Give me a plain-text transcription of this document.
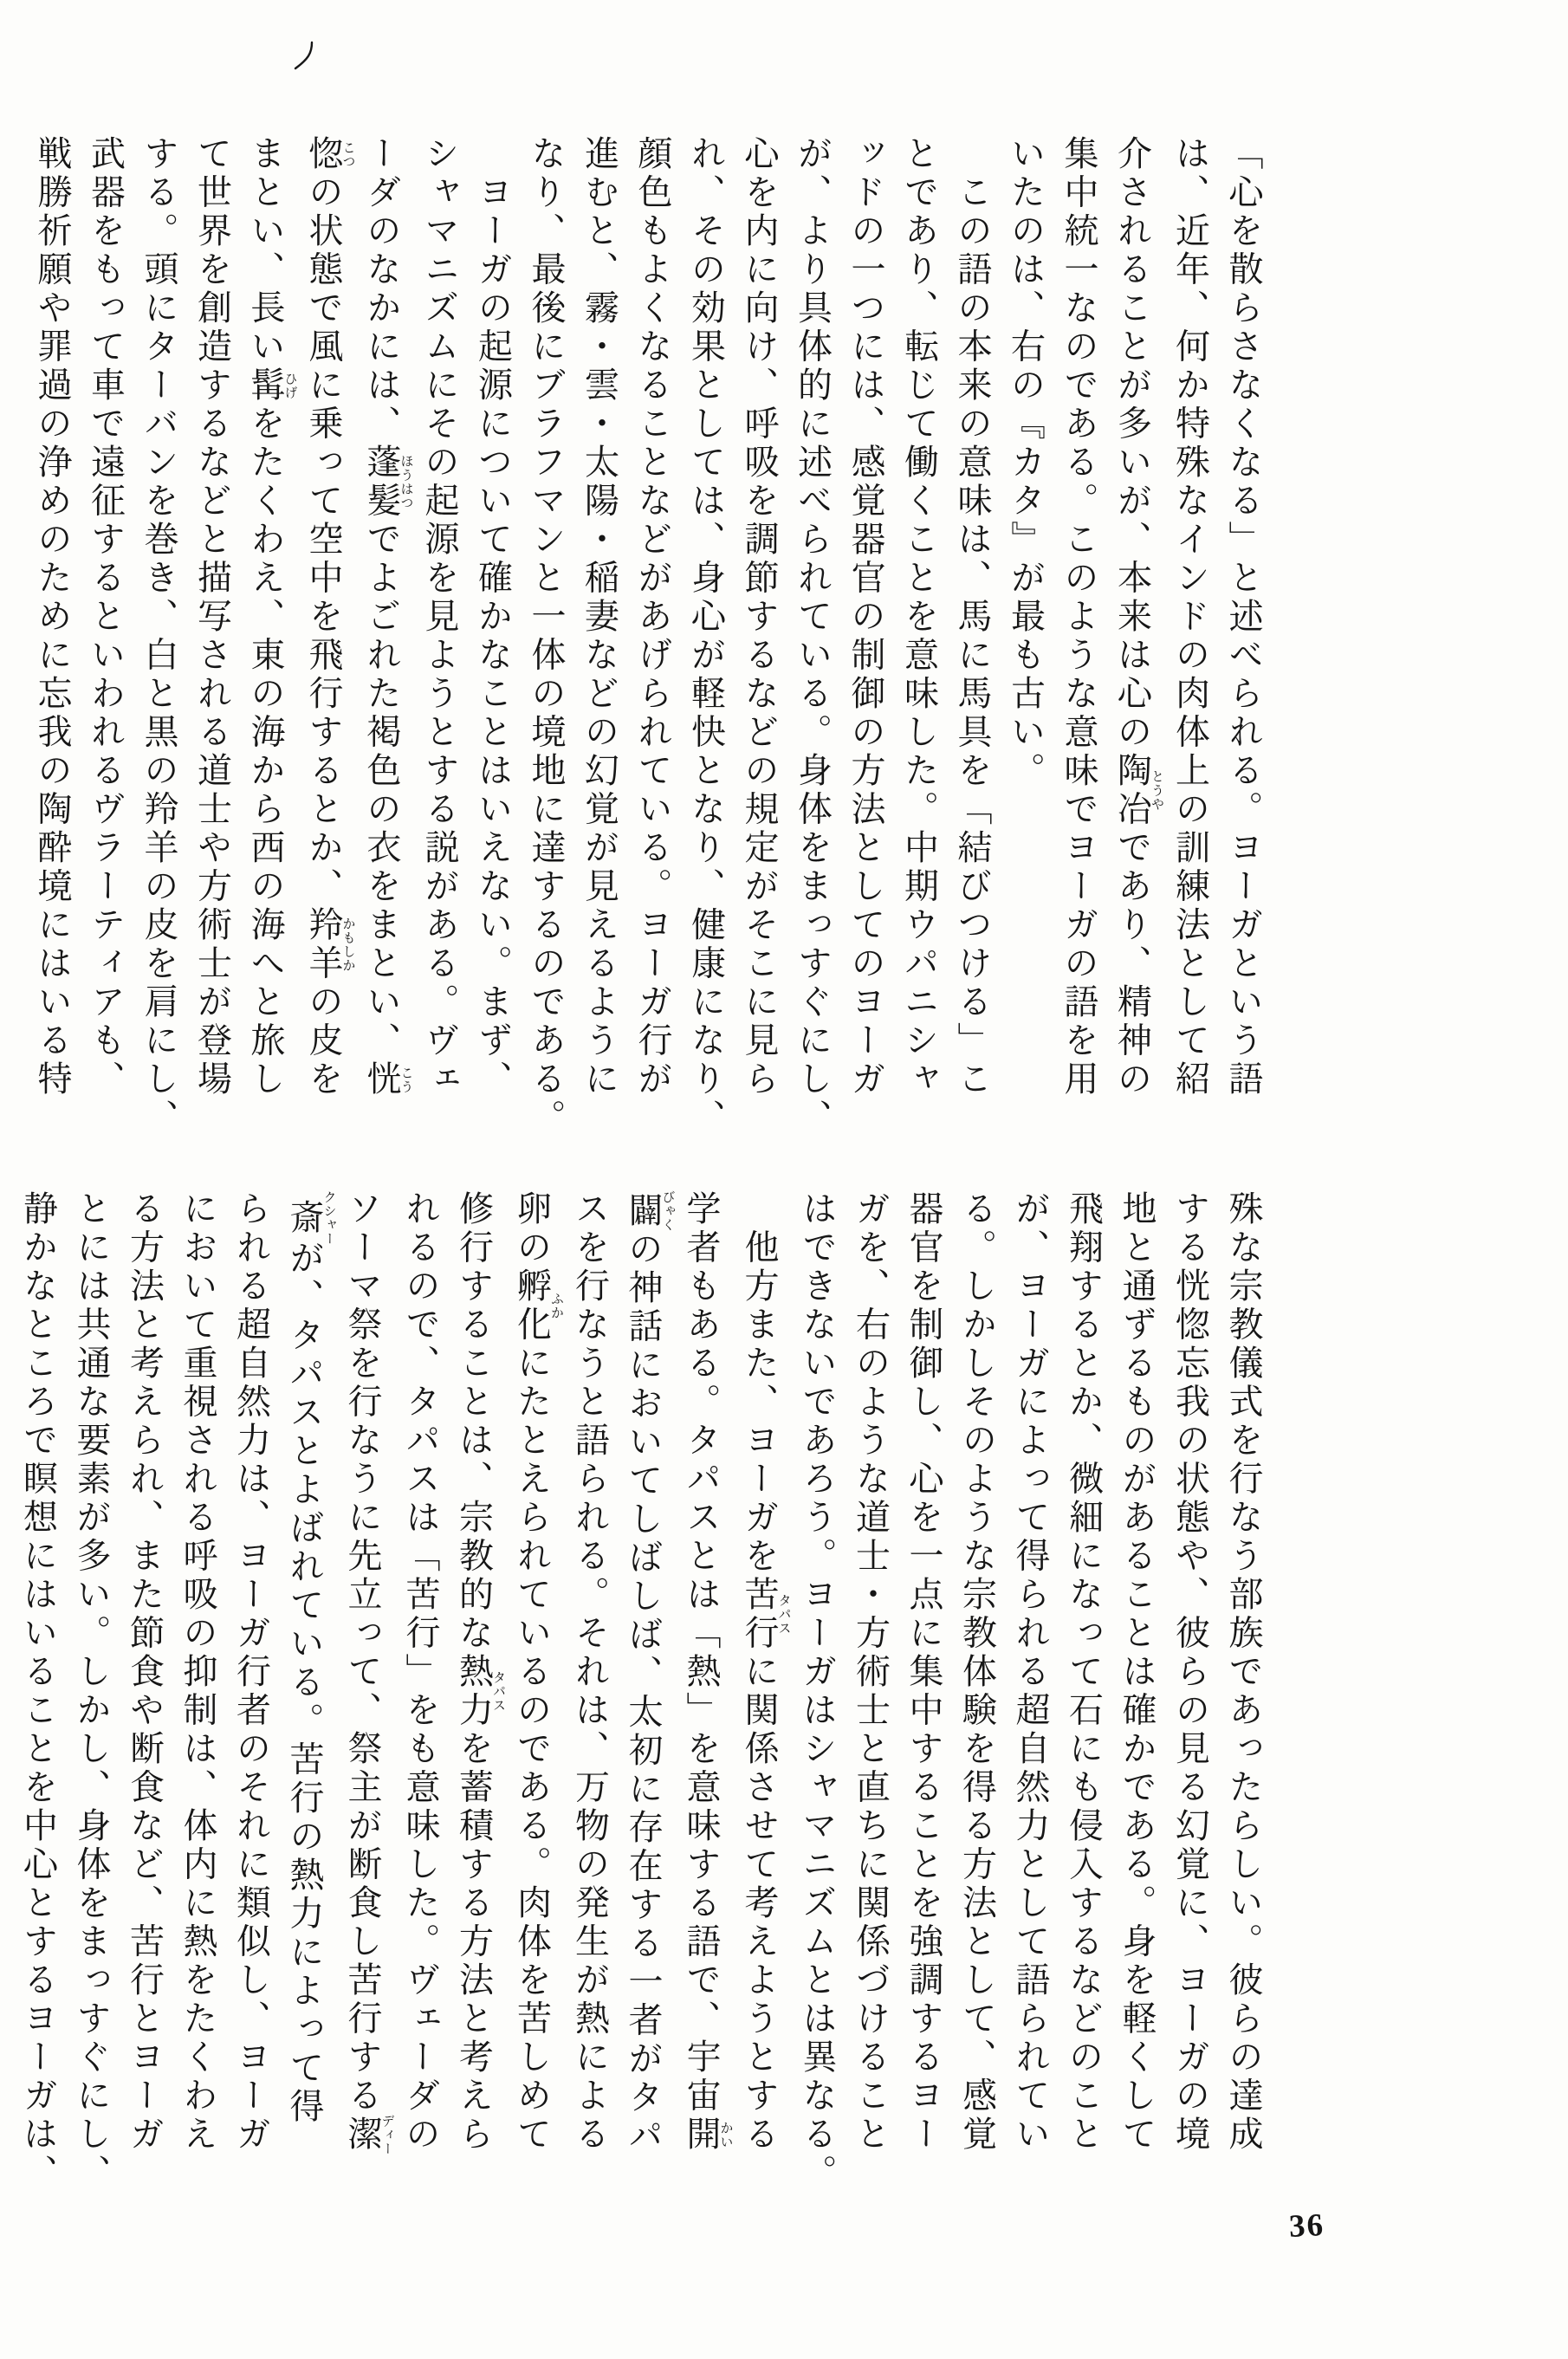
「心を散らさなくなる」と述べられる。ヨーガという語
は、近年、何か特殊なインドの肉体上の訓練法として紹
介されることが多いが、本来は心の陶冶とうやであり、精神の
集中統一なのである。このような意味でヨーガの語を用
いたのは、右の『カタ』が最も古い。
　この語の本来の意味は、馬に馬具を「結びつける」こ
とであり、転じて働くことを意味した。中期ウパニシャ
ッドの一つには、感覚器官の制御の方法としてのヨーガ
が、より具体的に述べられている。身体をまっすぐにし、
心を内に向け、呼吸を調節するなどの規定がそこに見ら
れ、その効果としては、身心が軽快となり、健康になり、
顔色もよくなることなどがあげられている。ヨーガ行が
進むと、霧・雲・太陽・稲妻などの幻覚が見えるように
なり、最後にブラフマンと一体の境地に達するのである。
　ヨーガの起源について確かなことはいえない。まず、
シャマニズムにその起源を見ようとする説がある。ヴェ
ーダのなかには、蓬髪ほうはつでよごれた褐色の衣をまとい、恍こう
惚こつの状態で風に乗って空中を飛行するとか、羚羊かもしかの皮を
まとい、長い髯ひげをたくわえ、東の海から西の海へと旅し
て世界を創造するなどと描写される道士や方術士が登場
する。頭にターバンを巻き、白と黒の羚羊の皮を肩にし、
武器をもって車で遠征するといわれるヴラーティアも、
戦勝祈願や罪過の浄めのために忘我の陶酔境にはいる特
殊な宗教儀式を行なう部族であったらしい。彼らの達成
する恍惚忘我の状態や、彼らの見る幻覚に、ヨーガの境
地と通ずるものがあることは確かである。身を軽くして
飛翔するとか、微細になって石にも侵入するなどのこと
が、ヨーガによって得られる超自然力として語られてい
る。しかしそのような宗教体験を得る方法として、感覚
器官を制御し、心を一点に集中することを強調するヨー
ガを、右のような道士・方術士と直ちに関係づけること
はできないであろう。ヨーガはシャマニズムとは異なる。
　他方また、ヨーガを苦行タパスに関係させて考えようとする
学者もある。タパスとは「熱」を意味する語で、宇宙開かい
闢びゃくの神話においてしばしば、太初に存在する一者がタパ
スを行なうと語られる。それは、万物の発生が熱による
卵の孵化ふかにたとえられているのである。肉体を苦しめて
修行することは、宗教的な熱力タパスを蓄積する方法と考えら
れるので、タパスは「苦行」をも意味した。ヴェーダの
ソーマ祭を行なうに先立って、祭主が断食し苦行する潔ディー
斎クシャーが、タパスとよばれている。苦行の熱力によって得
られる超自然力は、ヨーガ行者のそれに類似し、ヨーガ
において重視される呼吸の抑制は、体内に熱をたくわえ
る方法と考えられ、また節食や断食など、苦行とヨーガ
とには共通な要素が多い。しかし、身体をまっすぐにし、
静かなところで瞑想にはいることを中心とするヨーガは、
36
